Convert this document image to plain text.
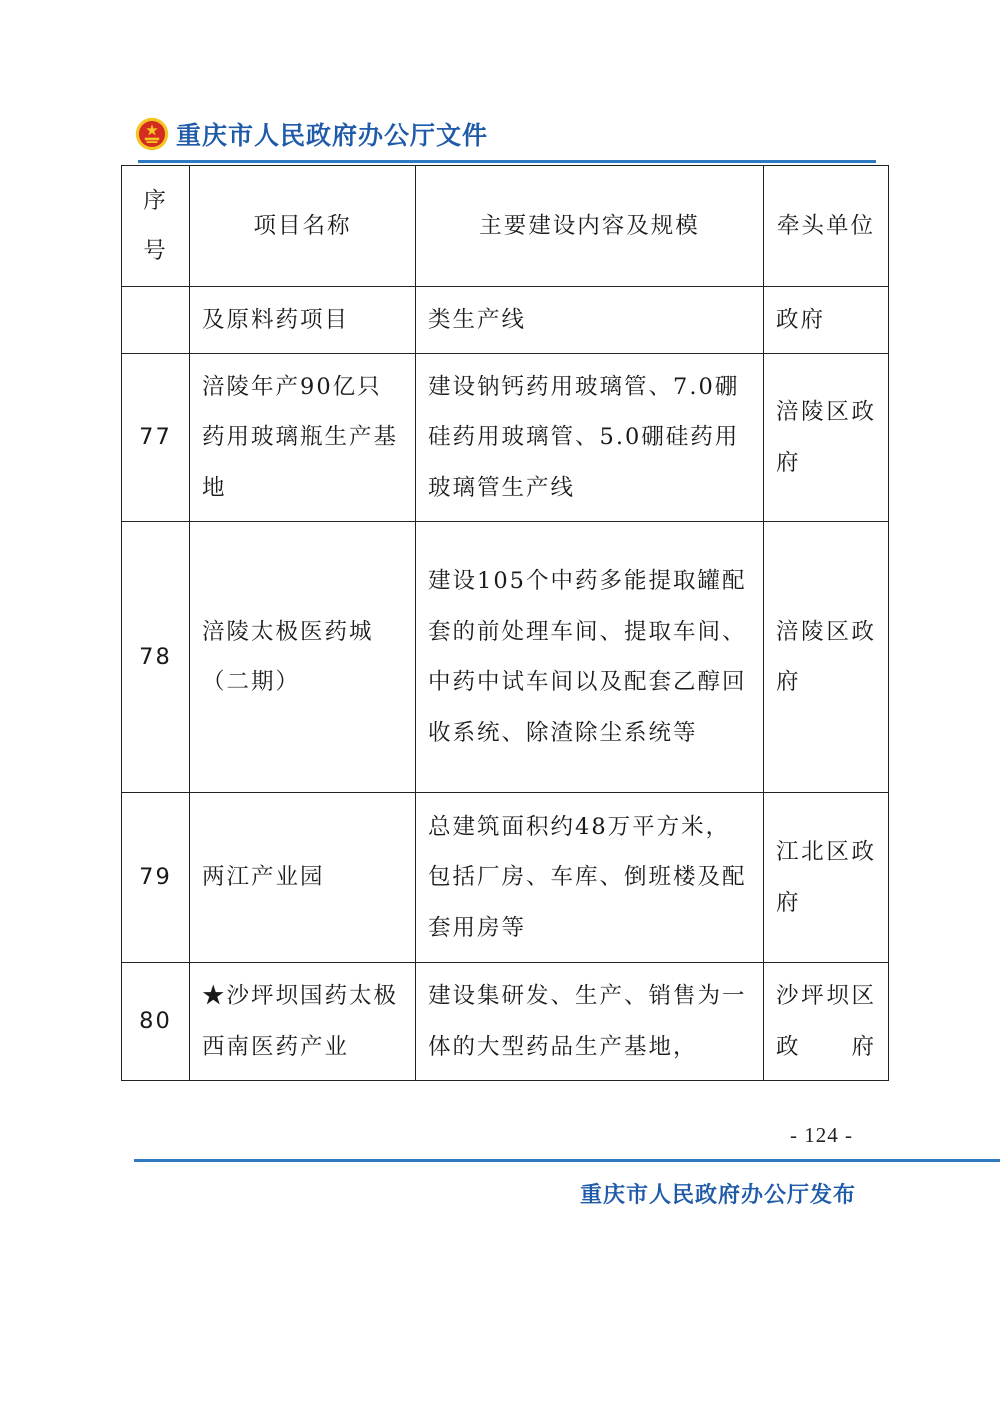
重庆市人民政府办公厅文件
序号	项目名称	主要建设内容及规模	牵头单位
	及原料药项目	类生产线	政府
77	涪陵年产90亿只药用玻璃瓶生产基地	建设钠钙药用玻璃管、7.0硼硅药用玻璃管、5.0硼硅药用玻璃管生产线	涪陵区政府
78	涪陵太极医药城（二期）	建设105个中药多能提取罐配套的前处理车间、提取车间、中药中试车间以及配套乙醇回收系统、除渣除尘系统等	涪陵区政府
79	两江产业园	总建筑面积约48万平方米，包括厂房、车库、倒班楼及配套用房等	江北区政府
80	★沙坪坝国药太极西南医药产业	建设集研发、生产、销售为一体的大型药品生产基地，	沙坪坝区政府
- 124 -
重庆市人民政府办公厅发布
